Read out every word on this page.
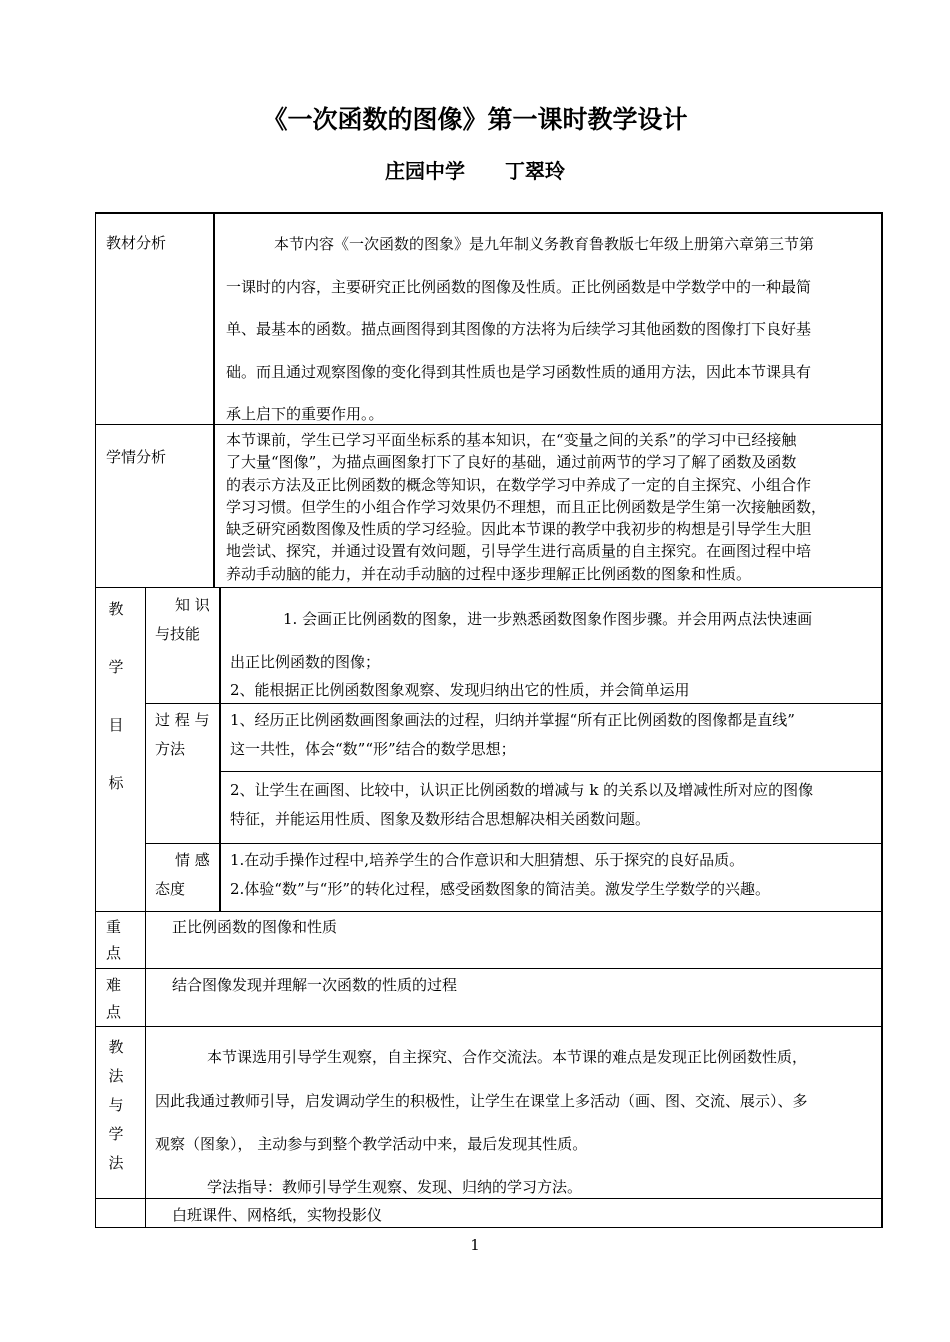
《一次函数的图像》第一课时教学设计
庄园中学 丁翠玲
教材分析	本节内容《一次函数的图象》是九年制义务教育鲁教版七年级上册第六章第三节第

一课时的内容，主要研究正比例函数的图像及性质。正比例函数是中学数学中的一种最简

单、最基本的函数。描点画图得到其图像的方法将为后续学习其他函数的图像打下良好基

础。而且通过观察图像的变化得到其性质也是学习函数性质的通用方法，因此本节课具有

承上启下的重要作用。。

学情分析

本节课前，学生已学习平面坐标系的基本知识，在“变量之间的关系”的学习中已经接触

了大量“图像”，为描点画图象打下了良好的基础，通过前两节的学习了解了函数及函数

的表示方法及正比例函数的概念等知识，在数学学习中养成了一定的自主探究、小组合作

学习习惯。但学生的小组合作学习效果仍不理想，而且正比例函数是学生第一次接触函数，

缺乏研究函数图像及性质的学习经验。因此本节课的教学中我初步的构想是引导学生大胆

地尝试、探究，并通过设置有效问题，引导学生进行高质量的自主探究。在画图过程中培

养动手动脑的能力，并在动手动脑的过程中逐步理解正比例函数的图象和性质。

教
学
目
标
知 识
与技能
1. 会画正比例函数的图象，进一步熟悉函数图象作图步骤。并会用两点法快速画
出正比例函数的图像；
2、能根据正比例函数图象观察、发现归纳出它的性质，并会简单运用
过 程 与
方法
1、经历正比例函数画图象画法的过程，归纳并掌握“所有正比例函数的图像都是直线”
这一共性，体会“数”“形”结合的数学思想；
2、让学生在画图、比较中，认识正比例函数的增减与 k 的关系以及增减性所对应的图像
特征，并能运用性质、图象及数形结合思想解决相关函数问题。
情 感
态度
1.在动手操作过程中,培养学生的合作意识和大胆猜想、乐于探究的良好品质。
2.体验“数”与“形”的转化过程，感受函数图象的简洁美。激发学生学数学的兴趣。
重
点
正比例函数的图像和性质
难
点
结合图像发现并理解一次函数的性质的过程
教
法
与
学
法
本节课选用引导学生观察，自主探究、合作交流法。本节课的难点是发现正比例函数性质，
因此我通过教师引导，启发调动学生的积极性，让学生在课堂上多活动（画、图、交流、展示）、多
观察（图象）， 主动参与到整个教学活动中来，最后发现其性质。
学法指导：教师引导学生观察、发现、归纳的学习方法。
白班课件、网格纸，实物投影仪
1
